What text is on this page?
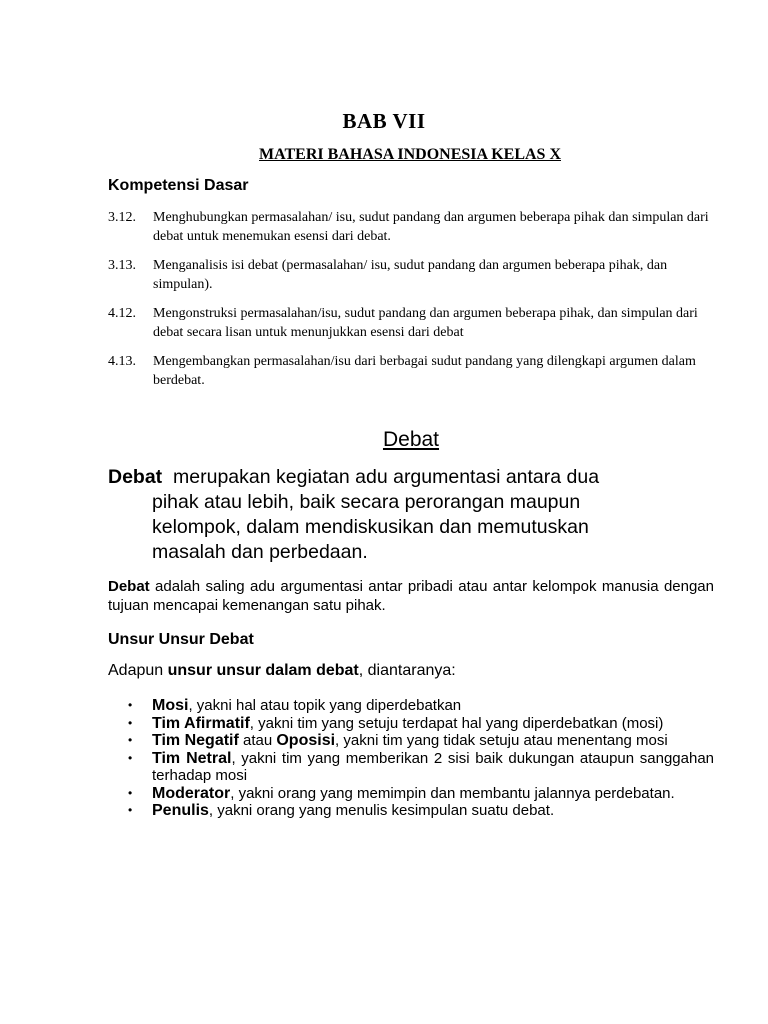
BAB VII
MATERI BAHASA INDONESIA KELAS X
Kompetensi Dasar
3.12.	Menghubungkan permasalahan/ isu, sudut pandang dan argumen beberapa pihak dan simpulan dari debat untuk menemukan esensi dari debat.
3.13.	Menganalisis isi debat (permasalahan/ isu, sudut pandang dan argumen beberapa pihak, dan simpulan).
4.12.	Mengonstruksi permasalahan/isu, sudut pandang dan argumen beberapa pihak, dan simpulan dari debat secara lisan untuk menunjukkan esensi dari debat
4.13.	Mengembangkan permasalahan/isu dari berbagai sudut pandang yang dilengkapi argumen dalam berdebat.
Debat
Debat  merupakan kegiatan adu argumentasi antara dua
pihak atau lebih, baik secara perorangan maupun
kelompok, dalam mendiskusikan dan memutuskan
masalah dan perbedaan.
Debat adalah saling adu argumentasi antar pribadi atau antar kelompok manusia dengan tujuan mencapai kemenangan satu pihak.
Unsur Unsur Debat
Adapun unsur unsur dalam debat, diantaranya:
•	Mosi, yakni hal atau topik yang diperdebatkan
•	Tim Afirmatif, yakni tim yang setuju terdapat hal yang diperdebatkan (mosi)
•	Tim Negatif atau Oposisi, yakni tim yang tidak setuju atau menentang mosi
•	Tim Netral, yakni tim yang memberikan 2 sisi baik dukungan ataupun sanggahan terhadap mosi
•	Moderator, yakni orang yang memimpin dan membantu jalannya perdebatan.
•	Penulis, yakni orang yang menulis kesimpulan suatu debat.
